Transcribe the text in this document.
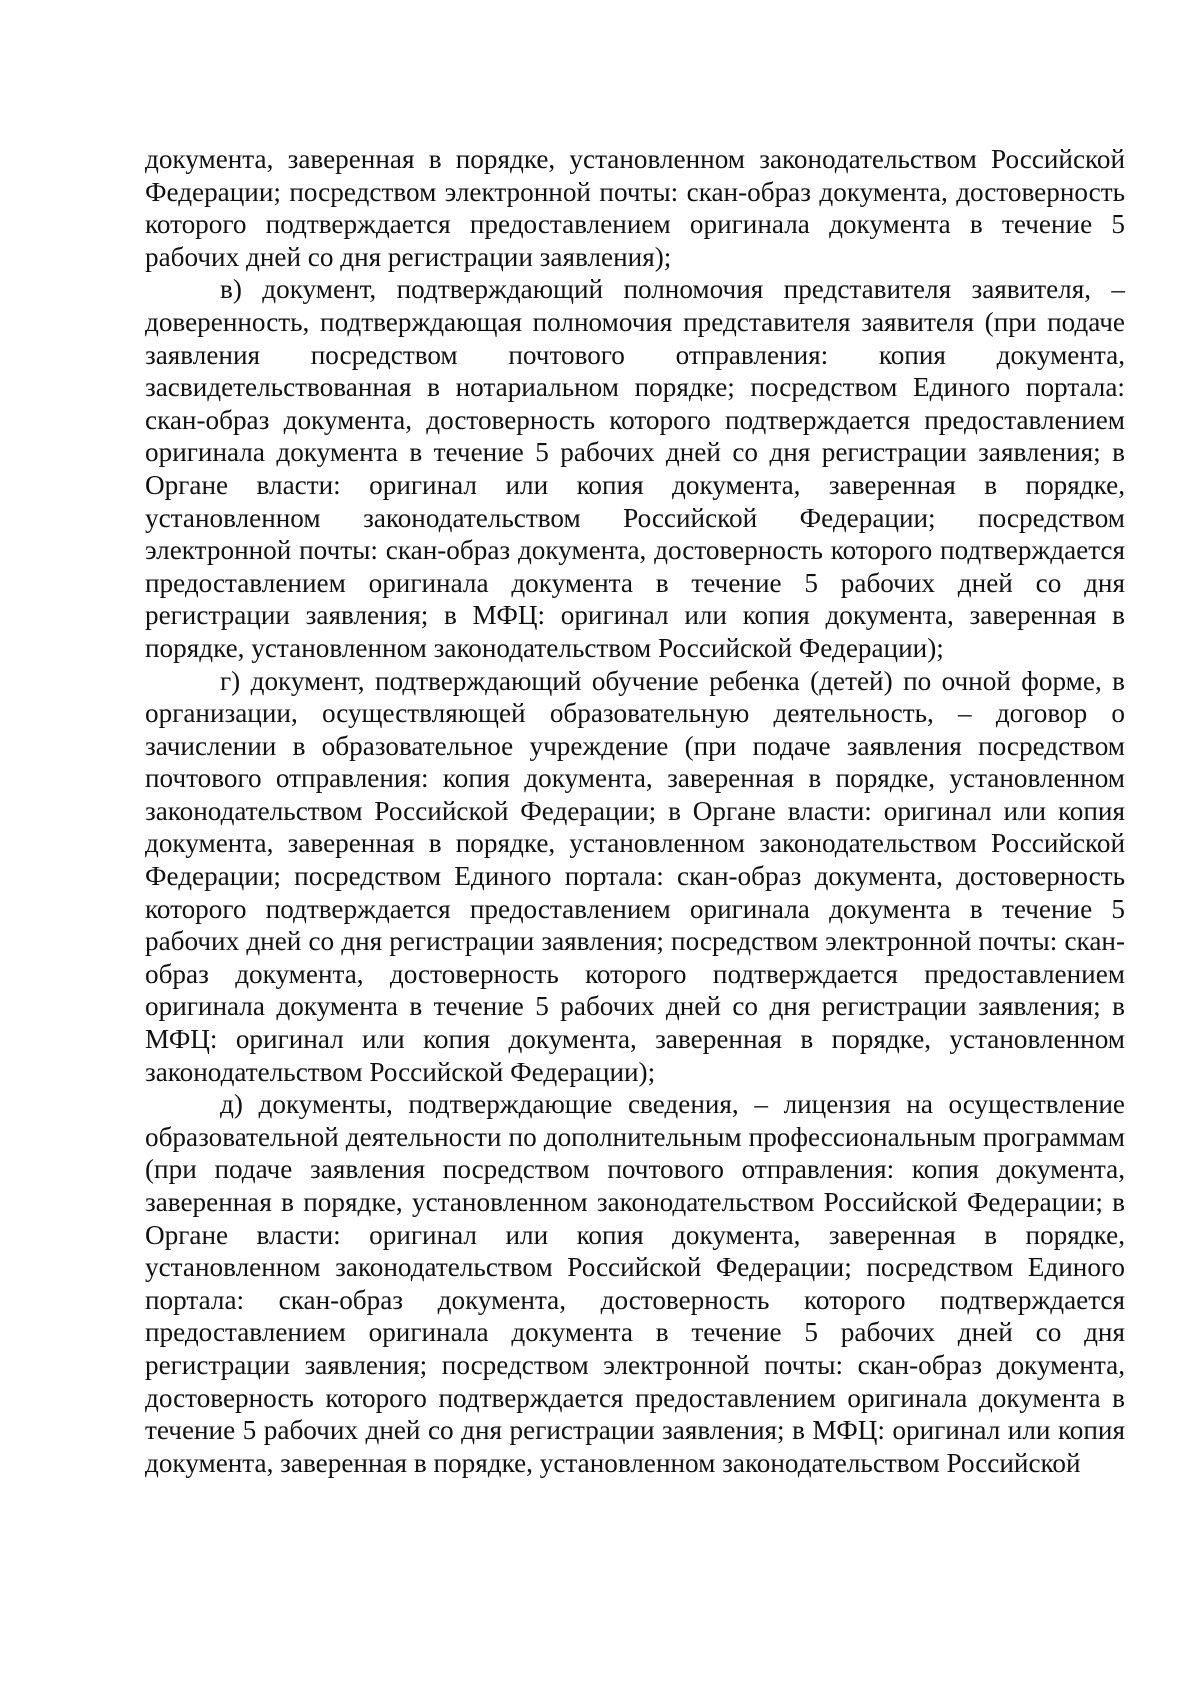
документа, заверенная в порядке, установленном законодательством Российской Федерации; посредством электронной почты: скан-образ документа, достоверность которого подтверждается предоставлением оригинала документа в течение 5 рабочих дней со дня регистрации заявления);

в) документ, подтверждающий полномочия представителя заявителя, – доверенность, подтверждающая полномочия представителя заявителя (при подаче заявления посредством почтового отправления: копия документа, засвидетельствованная в нотариальном порядке; посредством Единого портала: скан-образ документа, достоверность которого подтверждается предоставлением оригинала документа в течение 5 рабочих дней со дня регистрации заявления; в Органе власти: оригинал или копия документа, заверенная в порядке, установленном законодательством Российской Федерации; посредством электронной почты: скан-образ документа, достоверность которого подтверждается предоставлением оригинала документа в течение 5 рабочих дней со дня регистрации заявления; в МФЦ: оригинал или копия документа, заверенная в порядке, установленном законодательством Российской Федерации);

г) документ, подтверждающий обучение ребенка (детей) по очной форме, в организации, осуществляющей образовательную деятельность, – договор о зачислении в образовательное учреждение (при подаче заявления посредством почтового отправления: копия документа, заверенная в порядке, установленном законодательством Российской Федерации; в Органе власти: оригинал или копия документа, заверенная в порядке, установленном законодательством Российской Федерации; посредством Единого портала: скан-образ документа, достоверность которого подтверждается предоставлением оригинала документа в течение 5 рабочих дней со дня регистрации заявления; посредством электронной почты: скан-образ документа, достоверность которого подтверждается предоставлением оригинала документа в течение 5 рабочих дней со дня регистрации заявления; в МФЦ: оригинал или копия документа, заверенная в порядке, установленном законодательством Российской Федерации);

д) документы, подтверждающие сведения, – лицензия на осуществление образовательной деятельности по дополнительным профессиональным программам (при подаче заявления посредством почтового отправления: копия документа, заверенная в порядке, установленном законодательством Российской Федерации; в Органе власти: оригинал или копия документа, заверенная в порядке, установленном законодательством Российской Федерации; посредством Единого портала: скан-образ документа, достоверность которого подтверждается предоставлением оригинала документа в течение 5 рабочих дней со дня регистрации заявления; посредством электронной почты: скан-образ документа, достоверность которого подтверждается предоставлением оригинала документа в течение 5 рабочих дней со дня регистрации заявления; в МФЦ: оригинал или копия документа, заверенная в порядке, установленном законодательством Российской
